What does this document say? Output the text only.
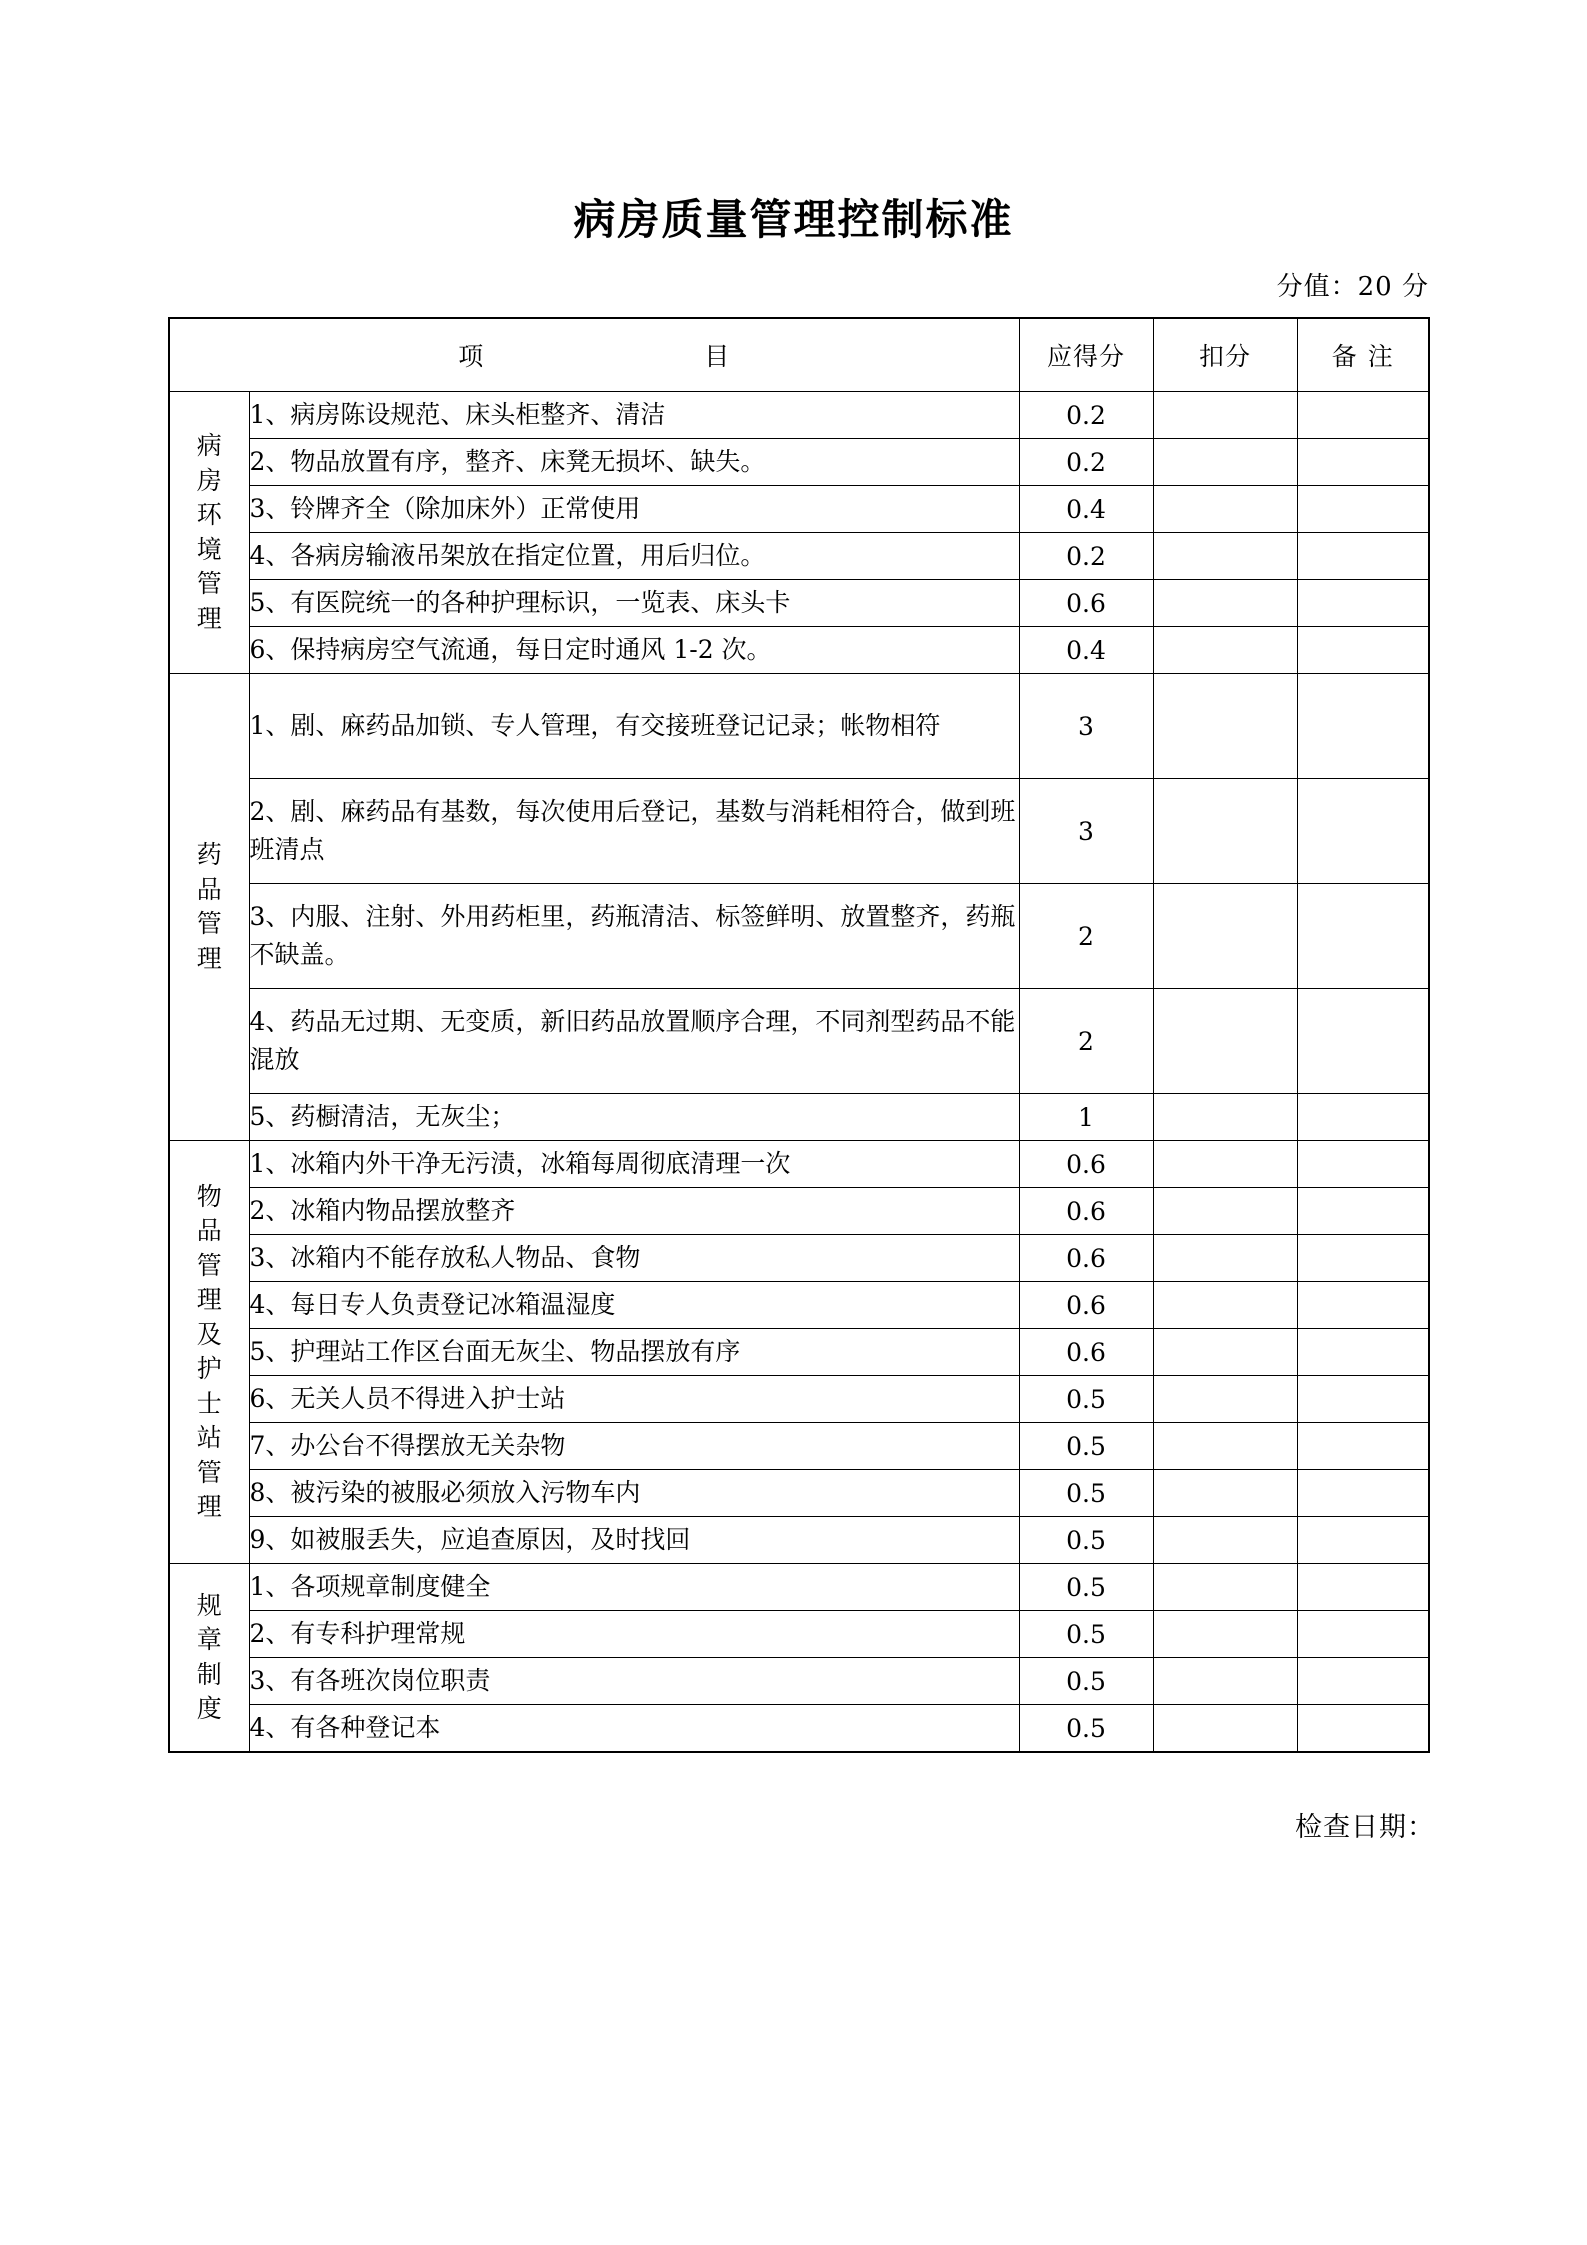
病房质量管理控制标准
分值：20 分
项 目		应得分	扣分	备 注

病
房
环
境
管
理
	1、病房陈设规范、床头柜整齐、清洁	0.2		
	2、物品放置有序，整齐、床凳无损坏、缺失。	0.2		
	3、铃牌齐全（除加床外）正常使用	0.4		
	4、各病房输液吊架放在指定位置，用后归位。	0.2		
	5、有医院统一的各种护理标识，一览表、床头卡	0.6		
	6、保持病房空气流通，每日定时通风 1-2 次。	0.4		

药
品
管
理	1、剧、麻药品加锁、专人管理，有交接班登记记录；帐物相符	3		
	2、剧、麻药品有基数，每次使用后登记，基数与消耗相符合，做到班班清点	3		
	3、内服、注射、外用药柜里，药瓶清洁、标签鲜明、放置整齐，药瓶不缺盖。	2		
	4、药品无过期、无变质，新旧药品放置顺序合理，不同剂型药品不能混放	2		
	5、药橱清洁，无灰尘；	1		

物
品
管
理
及
护
士
站
管
理
	1、冰箱内外干净无污渍，冰箱每周彻底清理一次	0.6		
	2、冰箱内物品摆放整齐	0.6		
	3、冰箱内不能存放私人物品、食物	0.6		
	4、每日专人负责登记冰箱温湿度	0.6		
	5、护理站工作区台面无灰尘、物品摆放有序	0.6		
	6、无关人员不得进入护士站	0.5		
	7、办公台不得摆放无关杂物	0.5		
	8、被污染的被服必须放入污物车内	0.5		
	9、如被服丢失，应追查原因，及时找回	0.5		

规
章
制
度	1、各项规章制度健全	0.5		
	2、有专科护理常规	0.5		
	3、有各班次岗位职责	0.5		
	4、有各种登记本	0.5		
检查日期：
